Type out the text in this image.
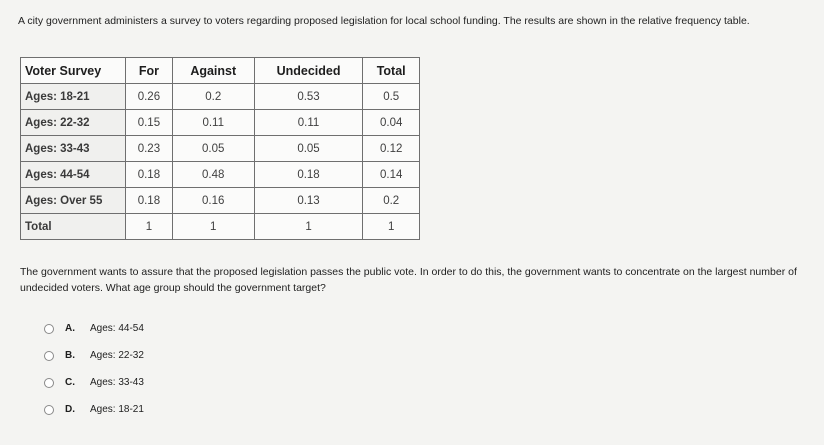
A city government administers a survey to voters regarding proposed legislation for local school funding. The results are shown in the relative frequency table.
Voter Survey	For	Against	Undecided	Total
Ages: 18-21	0.26	0.2	0.53	0.5
Ages: 22-32	0.15	0.11	0.11	0.04
Ages: 33-43	0.23	0.05	0.05	0.12
Ages: 44-54	0.18	0.48	0.18	0.14
Ages: Over 55	0.18	0.16	0.13	0.2
Total	1	1	1	1
The government wants to assure that the proposed legislation passes the public vote. In order to do this, the government wants to concentrate on the largest number of undecided voters. What age group should the government target?
A.	Ages: 44-54
B.	Ages: 22-32
C.	Ages: 33-43
D.	Ages: 18-21
